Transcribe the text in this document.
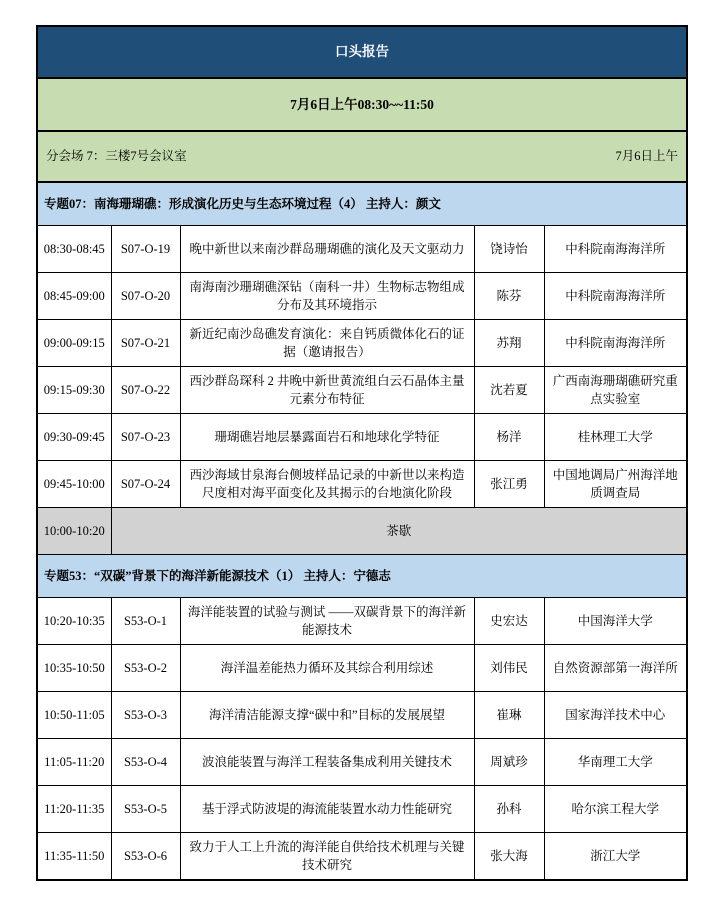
口头报告				
7月6日上午08:30~~11:50				

分会场 7：三楼7号会议室 7月6日上午				

专题07：南海珊瑚礁：形成演化历史与生态环境过程（4） 主持人：颜文				
08:30-08:45	S07-O-19	晚中新世以来南沙群岛珊瑚礁的演化及天文驱动力	饶诗怡	中科院南海海洋所
08:45-09:00	S07-O-20	南海南沙珊瑚礁深钻（南科一井）生物标志物组成分布及其环境指示	陈芬	中科院南海海洋所
09:00-09:15	S07-O-21	新近纪南沙岛礁发育演化：来自钙质微体化石的证据（邀请报告）	苏翔	中科院南海海洋所
09:15-09:30	S07-O-22	西沙群岛琛科 2 井晚中新世黄流组白云石晶体主量元素分布特征	沈若夏	广西南海珊瑚礁研究重点实验室
09:30-09:45	S07-O-23	珊瑚礁岩地层暴露面岩石和地球化学特征	杨洋	桂林理工大学
09:45-10:00	S07-O-24	西沙海域甘泉海台侧坡样品记录的中新世以来构造尺度相对海平面变化及其揭示的台地演化阶段	张江勇	中国地调局广州海洋地质调查局
10:00-10:20	茶歇			
专题53：“双碳”背景下的海洋新能源技术（1） 主持人：宁德志				
10:20-10:35	S53-O-1	海洋能装置的试验与测试 ——双碳背景下的海洋新能源技术	史宏达	中国海洋大学
10:35-10:50	S53-O-2	海洋温差能热力循环及其综合利用综述	刘伟民	自然资源部第一海洋所
10:50-11:05	S53-O-3	海洋清洁能源支撑“碳中和”目标的发展展望	崔琳	国家海洋技术中心
11:05-11:20	S53-O-4	波浪能装置与海洋工程装备集成利用关键技术	周斌珍	华南理工大学
11:20-11:35	S53-O-5	基于浮式防波堤的海流能装置水动力性能研究	孙科	哈尔滨工程大学
11:35-11:50	S53-O-6	致力于人工上升流的海洋能自供给技术机理与关键技术研究	张大海	浙江大学
